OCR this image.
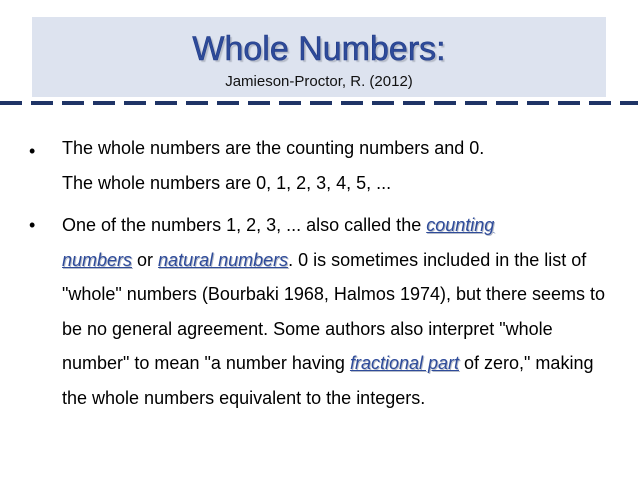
Whole Numbers:
Jamieson-Proctor, R. (2012)
• The whole numbers are the counting numbers and 0.
The whole numbers are 0, 1, 2, 3, 4, 5, ...
• One of the numbers 1, 2, 3, ... also called the counting
numbers or natural numbers. 0 is sometimes included in the list of "whole" numbers (Bourbaki 1968, Halmos 1974), but there seems to be no general agreement. Some authors also interpret "whole number" to mean "a number having fractional part of zero," making the whole numbers equivalent to the integers.
